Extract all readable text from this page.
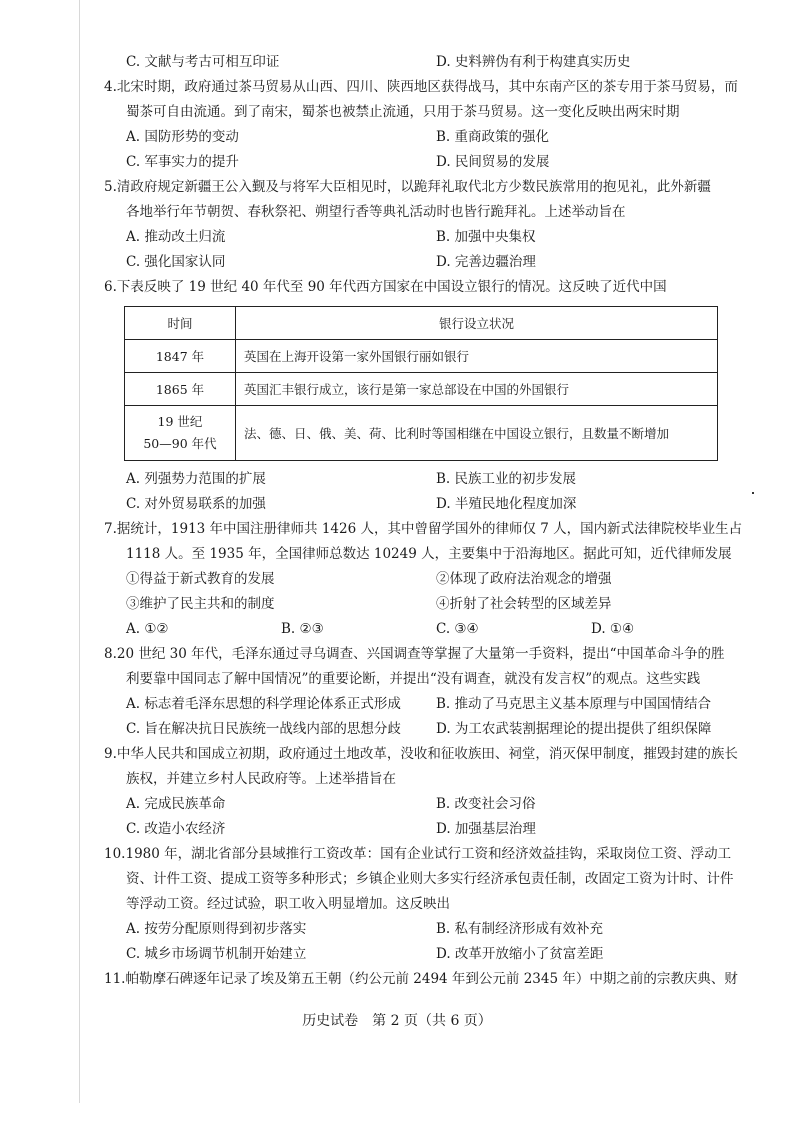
C. 文献与考古可相互印证	D. 史料辨伪有利于构建真实历史
4.北宋时期，政府通过茶马贸易从山西、四川、陕西地区获得战马，其中东南产区的茶专用于茶马贸易，而
蜀茶可自由流通。到了南宋，蜀茶也被禁止流通，只用于茶马贸易。这一变化反映出两宋时期
A. 国防形势的变动	B. 重商政策的强化
C. 军事实力的提升	D. 民间贸易的发展
5.清政府规定新疆王公入觐及与将军大臣相见时，以跪拜礼取代北方少数民族常用的抱见礼，此外新疆
各地举行年节朝贺、春秋祭祀、朔望行香等典礼活动时也皆行跪拜礼。上述举动旨在
A. 推动改土归流	B. 加强中央集权
C. 强化国家认同	D. 完善边疆治理
6.下表反映了 19 世纪 40 年代至 90 年代西方国家在中国设立银行的情况。这反映了近代中国
时间	银行设立状况
1847 年	英国在上海开设第一家外国银行丽如银行
1865 年	英国汇丰银行成立，该行是第一家总部设在中国的外国银行

19 世纪
50—90 年代	法、德、日、俄、美、荷、比利时等国相继在中国设立银行，且数量不断增加
A. 列强势力范围的扩展	B. 民族工业的初步发展
C. 对外贸易联系的加强	D. 半殖民地化程度加深
7.据统计，1913 年中国注册律师共 1426 人，其中曾留学国外的律师仅 7 人，国内新式法律院校毕业生占
1118 人。至 1935 年，全国律师总数达 10249 人，主要集中于沿海地区。据此可知，近代律师发展
①得益于新式教育的发展	②体现了政府法治观念的增强
③维护了民主共和的制度	④折射了社会转型的区域差异
A. ①②	B. ②③	C. ③④	D. ①④
8.20 世纪 30 年代，毛泽东通过寻乌调查、兴国调查等掌握了大量第一手资料，提出“中国革命斗争的胜
利要靠中国同志了解中国情况”的重要论断，并提出“没有调查，就没有发言权”的观点。这些实践
A. 标志着毛泽东思想的科学理论体系正式形成	B. 推动了马克思主义基本原理与中国国情结合
C. 旨在解决抗日民族统一战线内部的思想分歧	D. 为工农武装割据理论的提出提供了组织保障
9.中华人民共和国成立初期，政府通过土地改革，没收和征收族田、祠堂，消灭保甲制度，摧毁封建的族长
族权，并建立乡村人民政府等。上述举措旨在
A. 完成民族革命	B. 改变社会习俗
C. 改造小农经济	D. 加强基层治理
10.1980 年，湖北省部分县域推行工资改革：国有企业试行工资和经济效益挂钩，采取岗位工资、浮动工
资、计件工资、提成工资等多种形式；乡镇企业则大多实行经济承包责任制，改固定工资为计时、计件
等浮动工资。经过试验，职工收入明显增加。这反映出
A. 按劳分配原则得到初步落实	B. 私有制经济形成有效补充
C. 城乡市场调节机制开始建立	D. 改革开放缩小了贫富差距
11.帕勒摩石碑逐年记录了埃及第五王朝（约公元前 2494 年到公元前 2345 年）中期之前的宗教庆典、财
历史试卷　第 2 页（共 6 页）
